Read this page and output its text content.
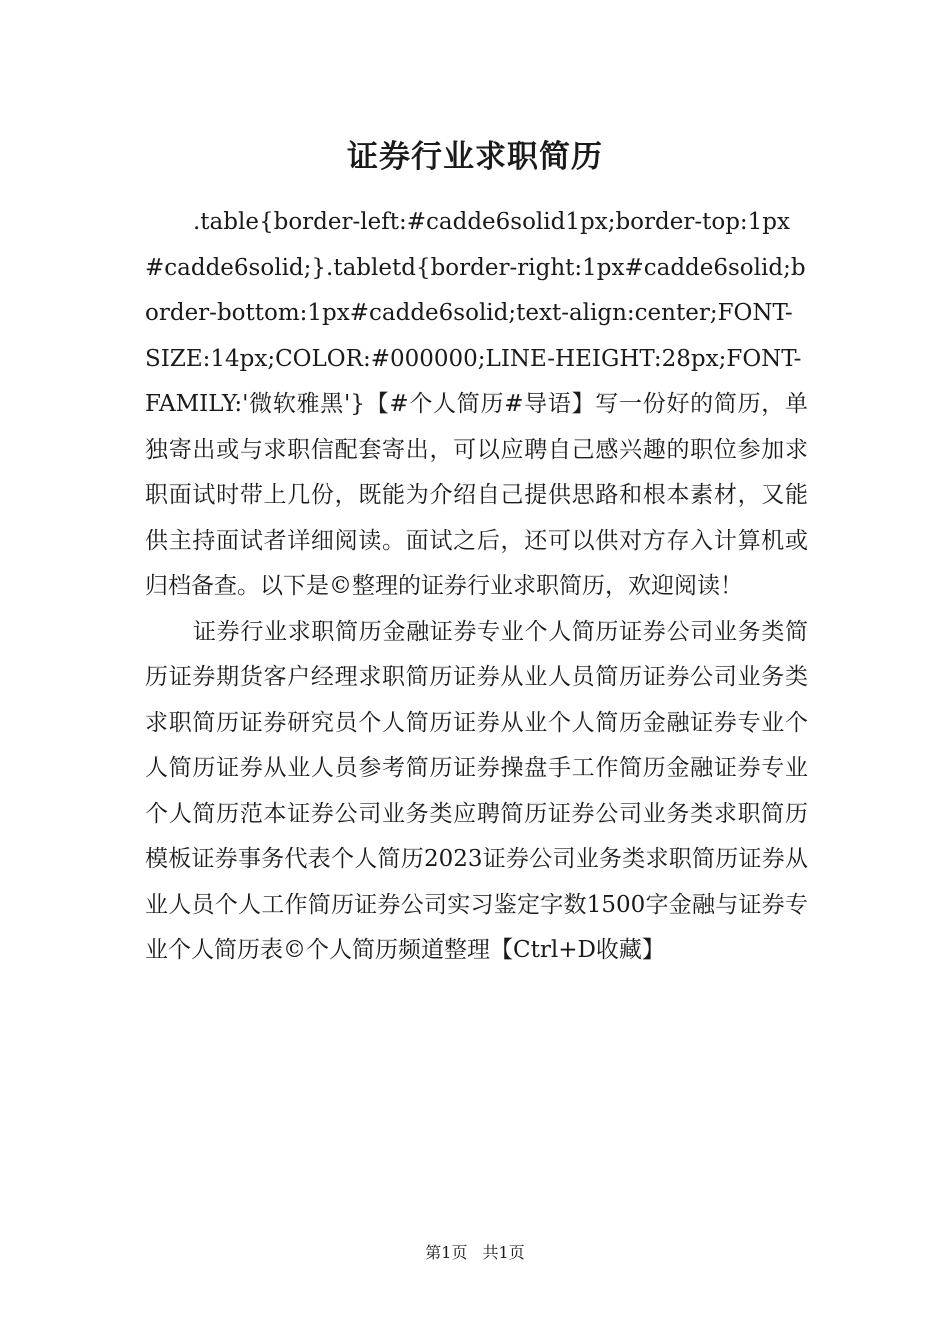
证券行业求职简历

.table{border-left:#cadde6solid1px;border-top:1px#cadde6solid;}.tabletd{border-right:1px#cadde6solid;border-bottom:1px#cadde6solid;text-align:center;FONT-SIZE:14px;COLOR:#000000;LINE-HEIGHT:28px;FONT-FAMILY:'微软雅黑'}【#个人简历#导语】写一份好的简历，单独寄出或与求职信配套寄出，可以应聘自己感兴趣的职位参加求职面试时带上几份，既能为介绍自己提供思路和根本素材，又能供主持面试者详细阅读。面试之后，还可以供对方存入计算机或归档备查。以下是©整理的证券行业求职简历，欢迎阅读！

证券行业求职简历金融证券专业个人简历证券公司业务类简历证券期货客户经理求职简历证券从业人员简历证券公司业务类求职简历证券研究员个人简历证券从业个人简历金融证券专业个人简历证券从业人员参考简历证券操盘手工作简历金融证券专业个人简历范本证券公司业务类应聘简历证券公司业务类求职简历模板证券事务代表个人简历2023证券公司业务类求职简历证券从业人员个人工作简历证券公司实习鉴定字数1500字金融与证券专业个人简历表©个人简历频道整理【Ctrl+D收藏】

第1页 共1页
